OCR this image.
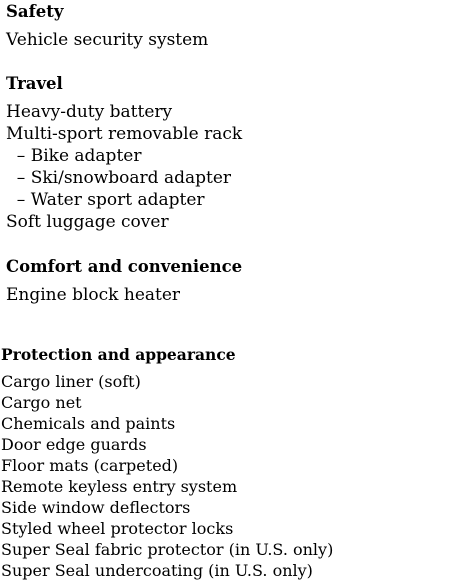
Safety
Vehicle security system
Travel
Heavy-duty battery
Multi-sport removable rack
– Bike adapter
– Ski/snowboard adapter
– Water sport adapter
Soft luggage cover
Comfort and convenience
Engine block heater
Protection and appearance
Cargo liner (soft)
Cargo net
Chemicals and paints
Door edge guards
Floor mats (carpeted)
Remote keyless entry system
Side window deflectors
Styled wheel protector locks
Super Seal fabric protector (in U.S. only)
Super Seal undercoating (in U.S. only)
